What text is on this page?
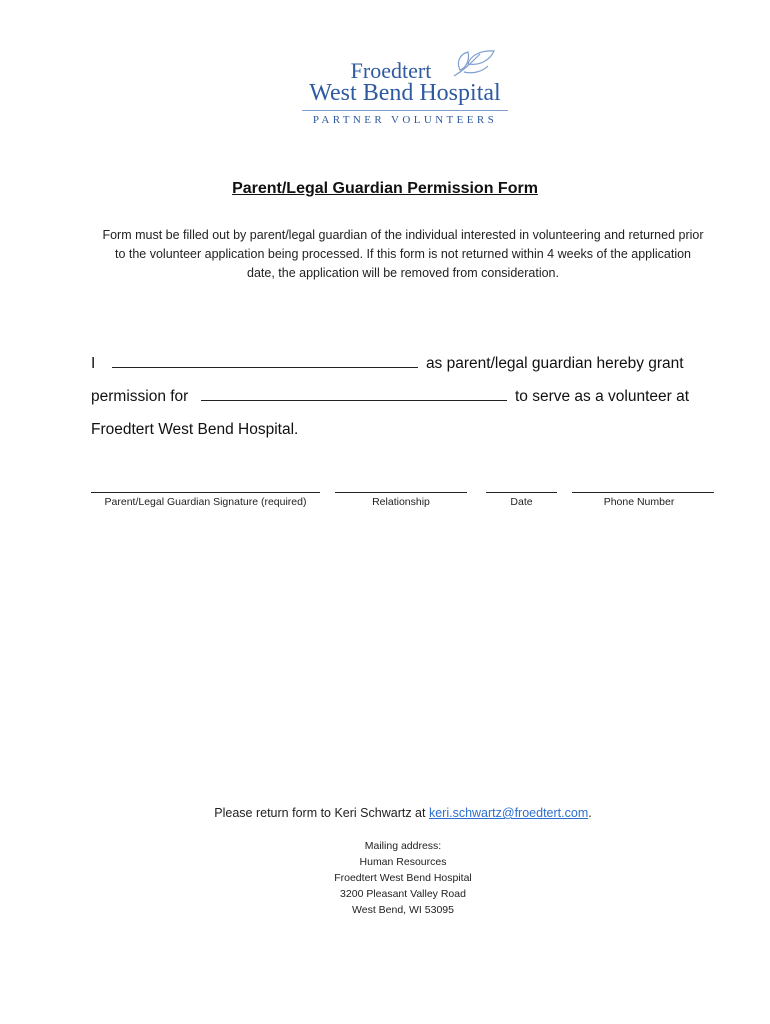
Froedtert
West Bend Hospital
PARTNER VOLUNTEERS
Parent/Legal Guardian Permission Form
Form must be filled out by parent/legal guardian of the individual interested in volunteering and returned prior to the volunteer application being processed. If this form is not returned within 4 weeks of the application date, the application will be removed from consideration.
I	as parent/legal guardian hereby grant
permission for	to serve as a volunteer at
Froedtert West Bend Hospital.
Parent/Legal Guardian Signature (required)	Relationship	Date	Phone Number
Please return form to Keri Schwartz at keri.schwartz@froedtert.com.
Mailing address:
Human Resources
Froedtert West Bend Hospital
3200 Pleasant Valley Road
West Bend, WI 53095
